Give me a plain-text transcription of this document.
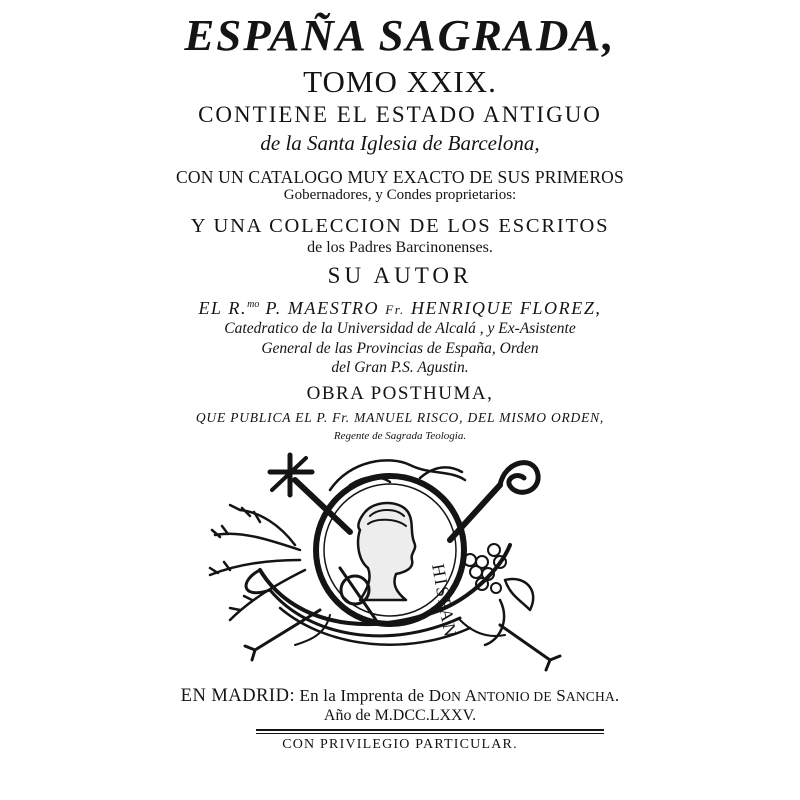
ESPAÑA SAGRADA,
TOMO XXIX.
CONTIENE EL ESTADO ANTIGUO
de la Santa Iglesia de Barcelona,
CON UN CATALOGO MUY EXACTO DE SUS PRIMEROS
Gobernadores, y Condes proprietarios:
Y UNA COLECCION DE LOS ESCRITOS
de los Padres Barcinonenses.
SU AUTOR
EL R.$^{mo}$ P. MAESTRO Fr. HENRIQUE FLOREZ,
Catedratico de la Universidad de Alcalá , y Ex-Asistente
General de las Provincias de España, Orden
del Gran P.S. Agustin.
OBRA POSTHUMA,
QUE PUBLICA EL P. Fr. MANUEL RISCO, DEL MISMO ORDEN,
Regente de Sagrada Teologia.
HISPAN
EN MADRID: En la Imprenta de DON ANTONIO DE SANCHA.
Año de M.DCC.LXXV.
CON PRIVILEGIO PARTICULAR.
